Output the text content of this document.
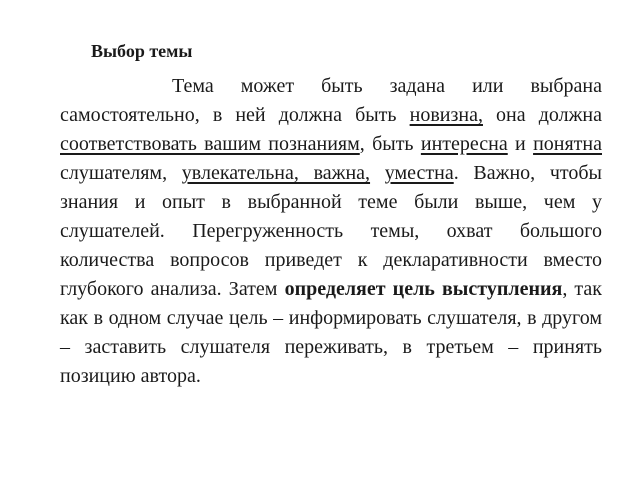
Выбор темы

Тема может быть задана или выбрана самостоятельно, в ней должна быть новизна, она должна соответствовать вашим познаниям, быть интересна и понятна слушателям, увлекательна, важна, уместна. Важно, чтобы знания и опыт в выбранной теме были выше, чем у слушателей. Перегруженность темы, охват большого количества вопросов приведет к декларативности вместо глубокого анализа. Затем определяет цель выступления, так как в одном случае цель – информировать слушателя, в другом – заставить слушателя переживать, в третьем – принять позицию автора.
